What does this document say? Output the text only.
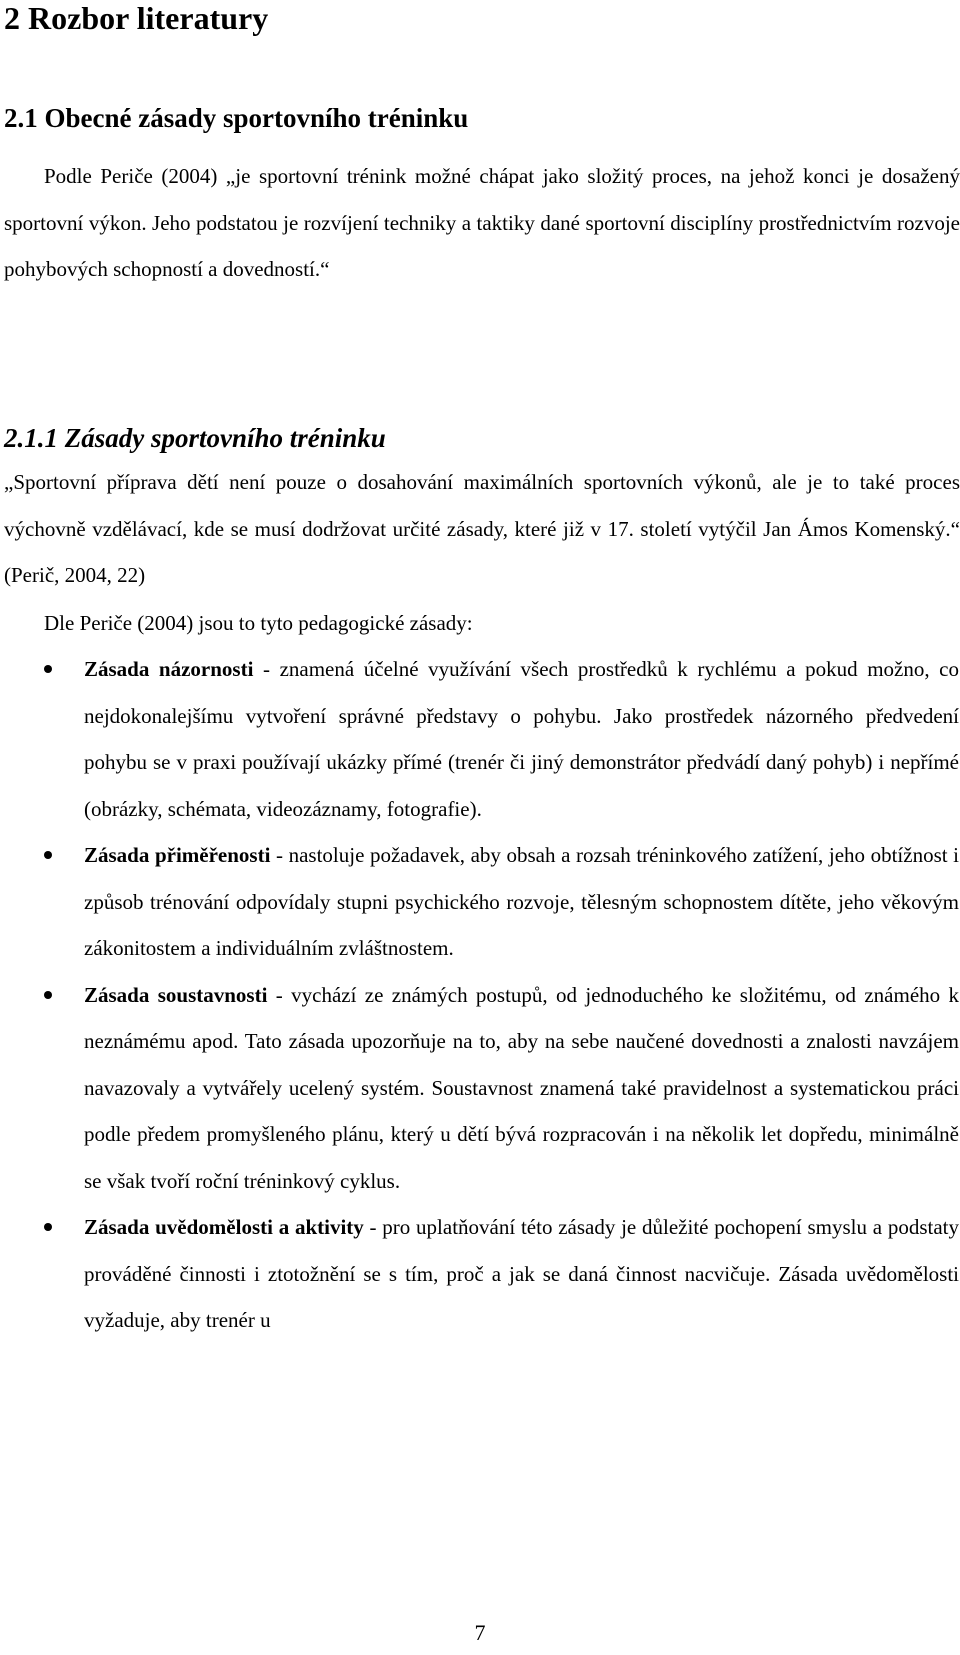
2 Rozbor literatury
2.1 Obecné zásady sportovního tréninku

Podle Periče (2004) „je sportovní trénink možné chápat jako složitý proces, na jehož konci je dosažený sportovní výkon. Jeho podstatou je rozvíjení techniky a taktiky dané sportovní disciplíny prostřednictvím rozvoje pohybových schopností a dovedností.“

2.1.1 Zásady sportovního tréninku

„Sportovní příprava dětí není pouze o dosahování maximálních sportovních výkonů, ale je to také proces výchovně vzdělávací, kde se musí dodržovat určité zásady, které již v 17. století vytýčil Jan Ámos Komenský.“ (Perič, 2004, 22)

Dle Periče (2004) jsou to tyto pedagogické zásady:

Zásada názornosti - znamená účelné využívání všech prostředků k rychlému a pokud možno, co nejdokonalejšímu vytvoření správné představy o pohybu. Jako prostředek názorného předvedení pohybu se v praxi používají ukázky přímé (trenér či jiný demonstrátor předvádí daný pohyb) i nepřímé (obrázky, schémata, videozáznamy, fotografie).

Zásada přiměřenosti - nastoluje požadavek, aby obsah a rozsah tréninkového zatížení, jeho obtížnost i způsob trénování odpovídaly stupni psychického rozvoje, tělesným schopnostem dítěte, jeho věkovým zákonitostem a individuálním zvláštnostem.

Zásada soustavnosti - vychází ze známých postupů, od jednoduchého ke složitému, od známého k neznámému apod. Tato zásada upozorňuje na to, aby na sebe naučené dovednosti a znalosti navzájem navazovaly a vytvářely ucelený systém. Soustavnost znamená také pravidelnost a systematickou práci podle předem promyšleného plánu, který u dětí bývá rozpracován i na několik let dopředu, minimálně se však tvoří roční tréninkový cyklus.

Zásada uvědomělosti a aktivity - pro uplatňování této zásady je důležité pochopení smyslu a podstaty prováděné činnosti i ztotožnění se s tím, proč a jak se daná činnost nacvičuje. Zásada uvědomělosti vyžaduje, aby trenér u

7
